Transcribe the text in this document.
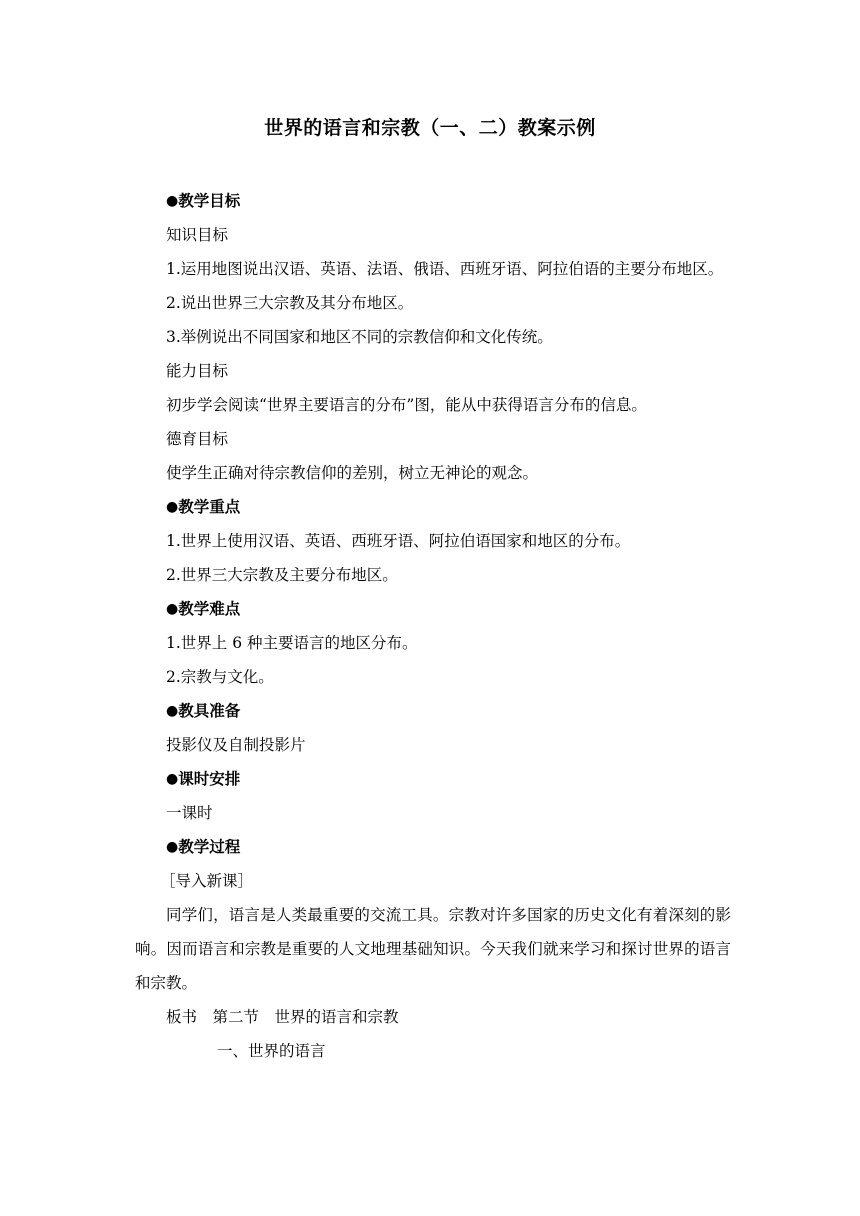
世界的语言和宗教（一、二）教案示例

●教学目标

知识目标

1.运用地图说出汉语、英语、法语、俄语、西班牙语、阿拉伯语的主要分布地区。

2.说出世界三大宗教及其分布地区。

3.举例说出不同国家和地区不同的宗教信仰和文化传统。

能力目标

初步学会阅读“世界主要语言的分布”图，能从中获得语言分布的信息。

德育目标

使学生正确对待宗教信仰的差别，树立无神论的观念。

●教学重点

1.世界上使用汉语、英语、西班牙语、阿拉伯语国家和地区的分布。

2.世界三大宗教及主要分布地区。

●教学难点

1.世界上 6 种主要语言的地区分布。

2.宗教与文化。

●教具准备

投影仪及自制投影片

●课时安排

一课时

●教学过程

［导入新课］

同学们，语言是人类最重要的交流工具。宗教对许多国家的历史文化有着深刻的影响。因而语言和宗教是重要的人文地理基础知识。今天我们就来学习和探讨世界的语言和宗教。

板书　第二节　世界的语言和宗教

一、世界的语言
